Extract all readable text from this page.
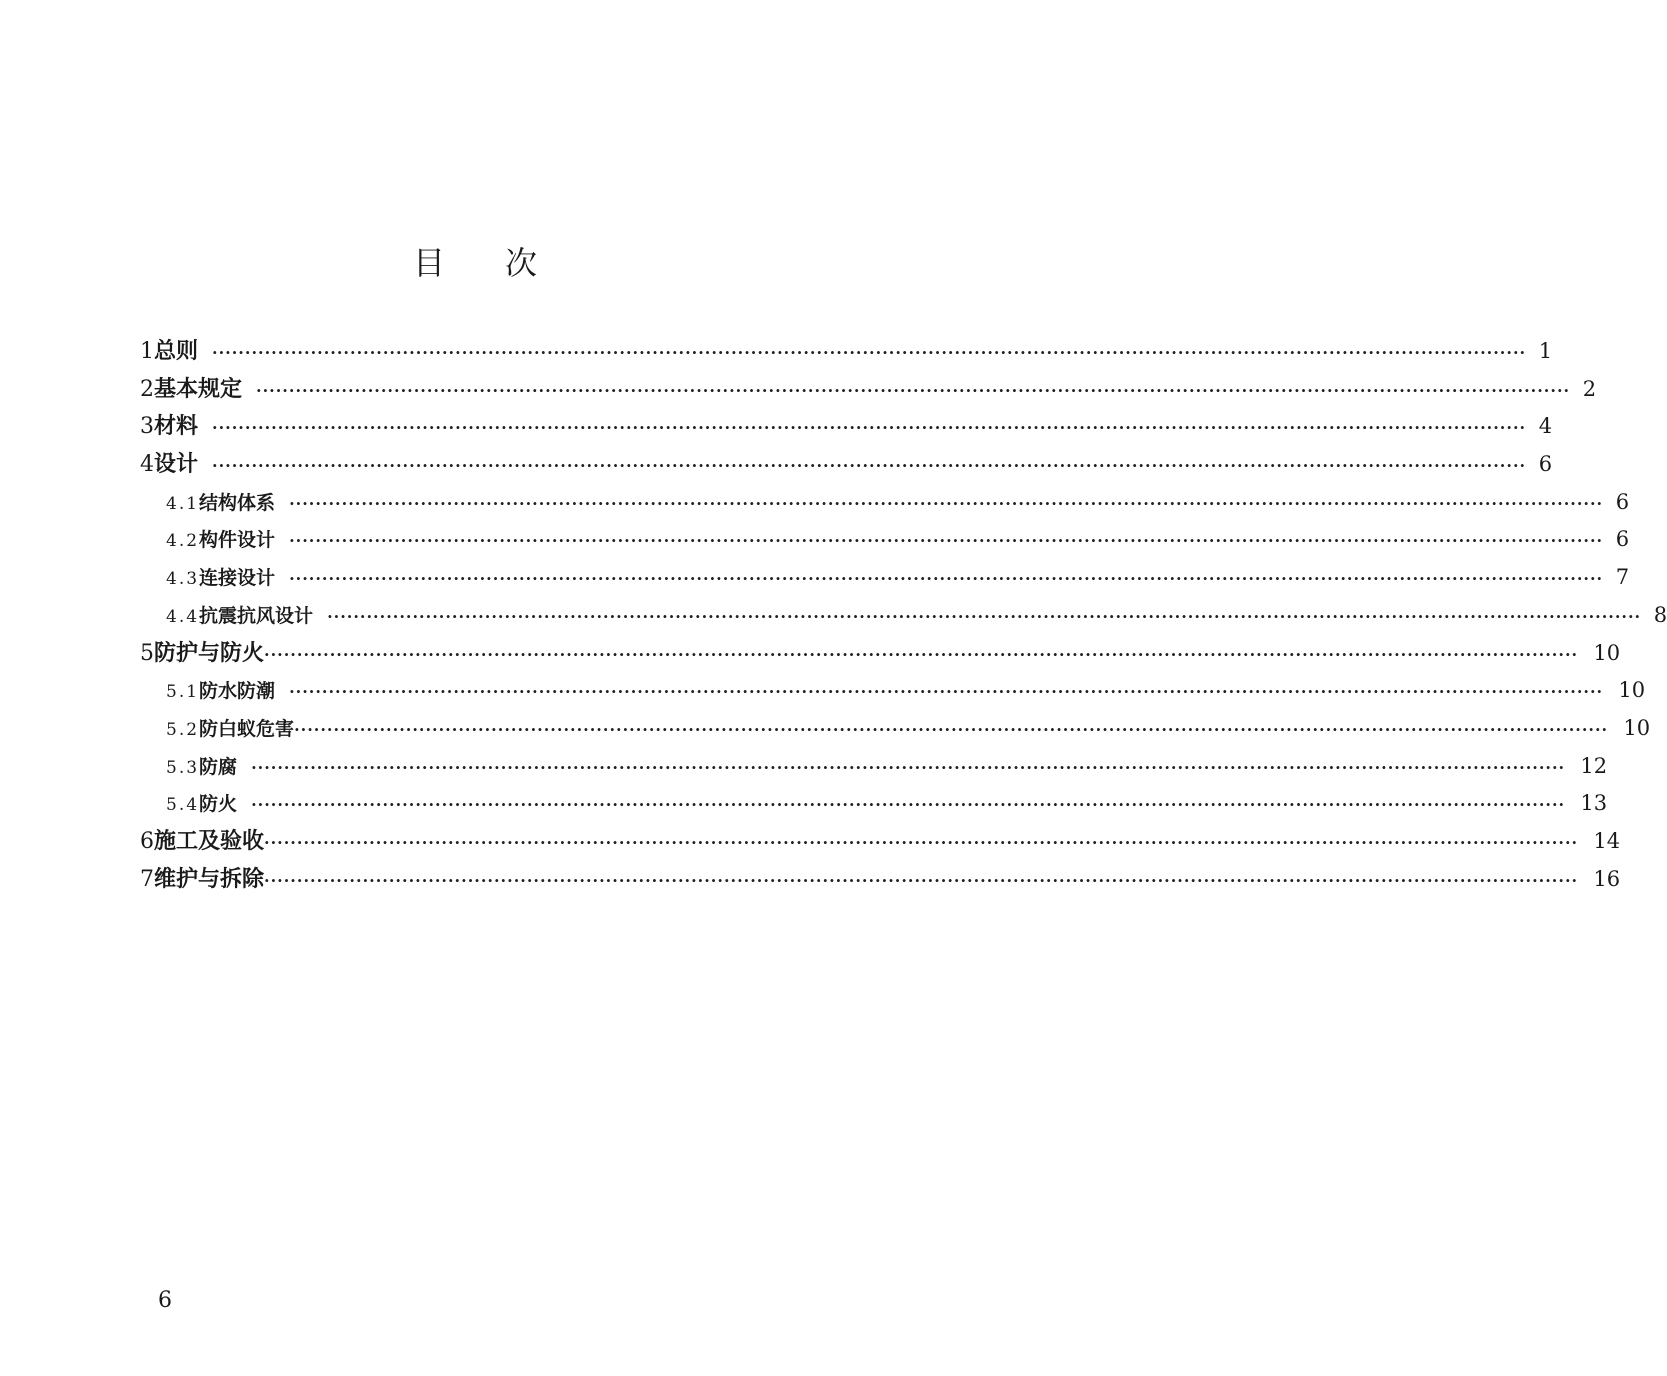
目次
1 总则 ········································································································································································································ 1
2 基本规定 ········································································································································································································ 2
3 材料 ········································································································································································································ 4
4 设计 ········································································································································································································ 6
4.1 结构体系 ········································································································································································································ 6
4.2 构件设计 ········································································································································································································ 6
4.3 连接设计 ········································································································································································································ 7
4.4 抗震抗风设计 ········································································································································································································ 8
5 防护与防火 ········································································································································································································ 10
5.1 防水防潮 ········································································································································································································ 10
5.2 防白蚁危害 ········································································································································································································ 10
5.3 防腐 ········································································································································································································ 12
5.4 防火 ········································································································································································································ 13
6 施工及验收 ········································································································································································································ 14
7 维护与拆除 ········································································································································································································ 16
6
